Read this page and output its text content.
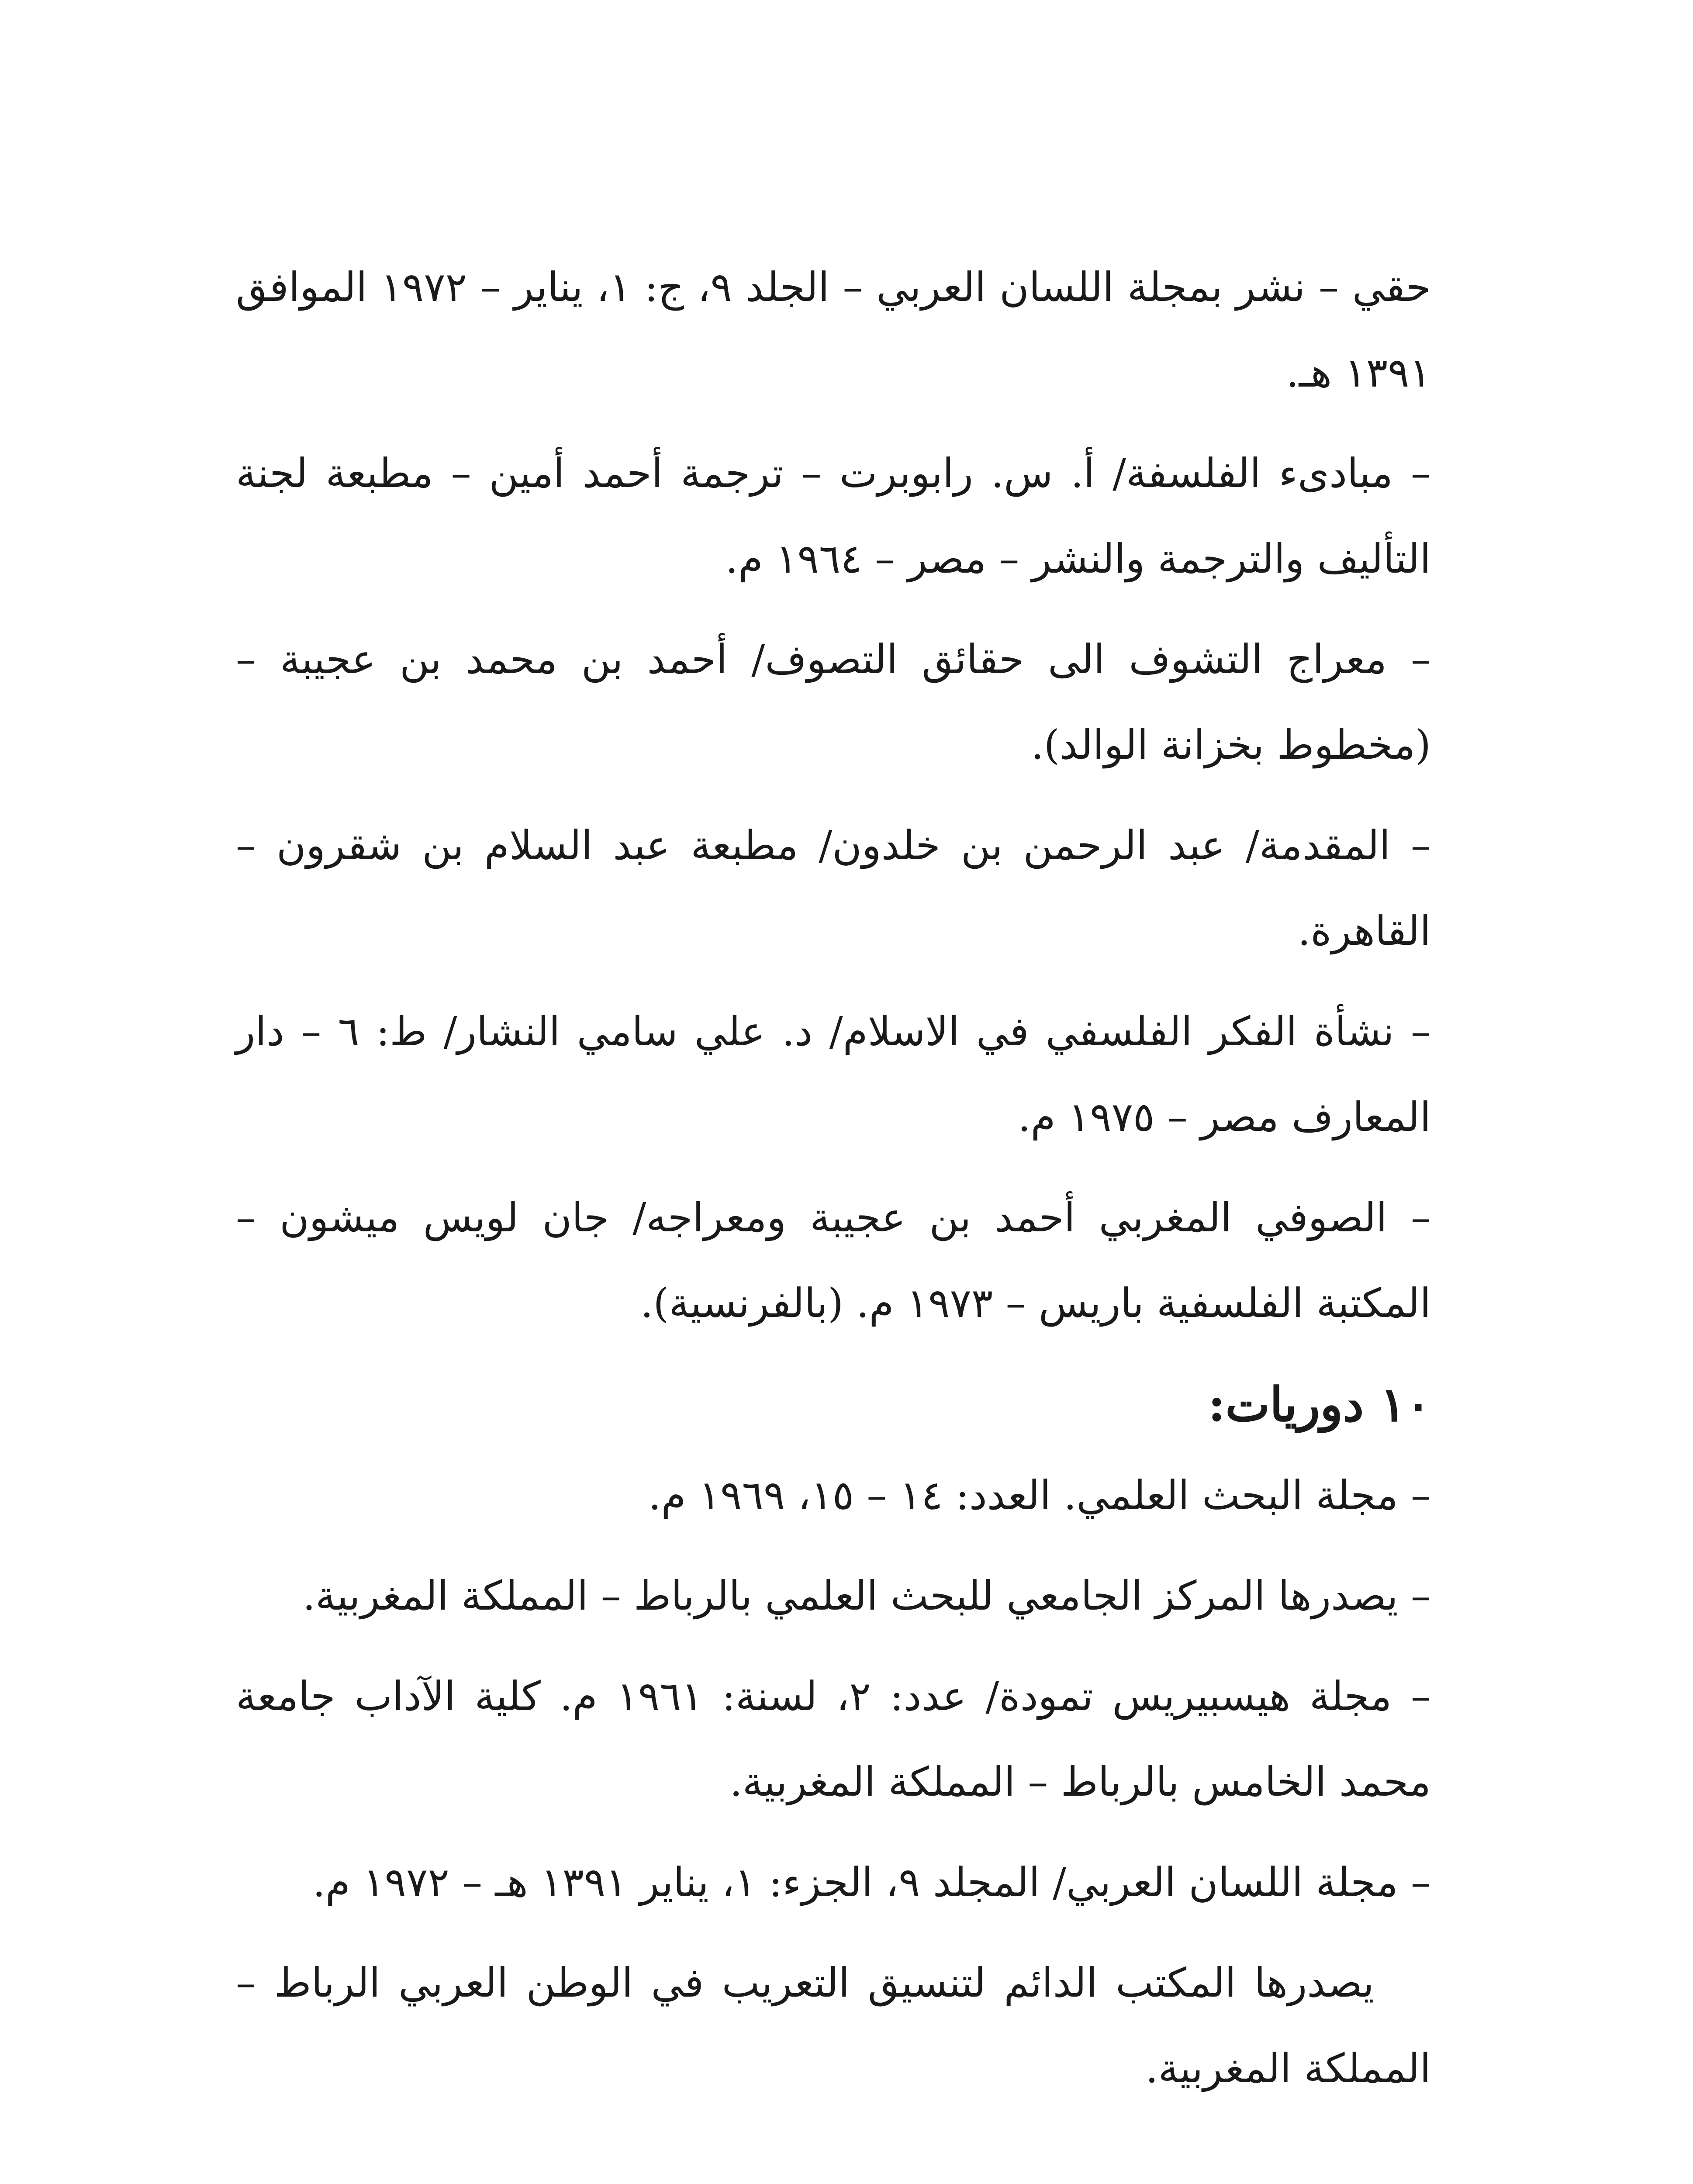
حقي – نشر بمجلة اللسان العربي – الجلد ٩، ج: ١، يناير – ١٩٧٢ الموافق ١٣٩١ هـ.

– مبادىء الفلسفة/ أ. س. رابوبرت – ترجمة أحمد أمين – مطبعة لجنة التأليف والترجمة والنشر – مصر – ١٩٦٤ م.

– معراج التشوف الى حقائق التصوف/ أحمد بن محمد بن عجيبة – (مخطوط بخزانة الوالد).

– المقدمة/ عبد الرحمن بن خلدون/ مطبعة عبد السلام بن شقرون – القاهرة.

– نشأة الفكر الفلسفي في الاسلام/ د. علي سامي النشار/ ط: ٦ – دار المعارف مصر – ١٩٧٥ م.

– الصوفي المغربي أحمد بن عجيبة ومعراجه/ جان لويس ميشون – المكتبة الفلسفية باريس – ١٩٧٣ م. (بالفرنسية).

١٠ دوريات:

– مجلة البحث العلمي. العدد: ١٤ – ١٥، ١٩٦٩ م.

– يصدرها المركز الجامعي للبحث العلمي بالرباط – المملكة المغربية.

– مجلة هيسبيريس تمودة/ عدد: ٢، لسنة: ١٩٦١ م. كلية الآداب جامعة محمد الخامس بالرباط – المملكة المغربية.

– مجلة اللسان العربي/ المجلد ٩، الجزء: ١، يناير ١٣٩١ هـ – ١٩٧٢ م.

يصدرها المكتب الدائم لتنسيق التعريب في الوطن العربي الرباط – المملكة المغربية.
